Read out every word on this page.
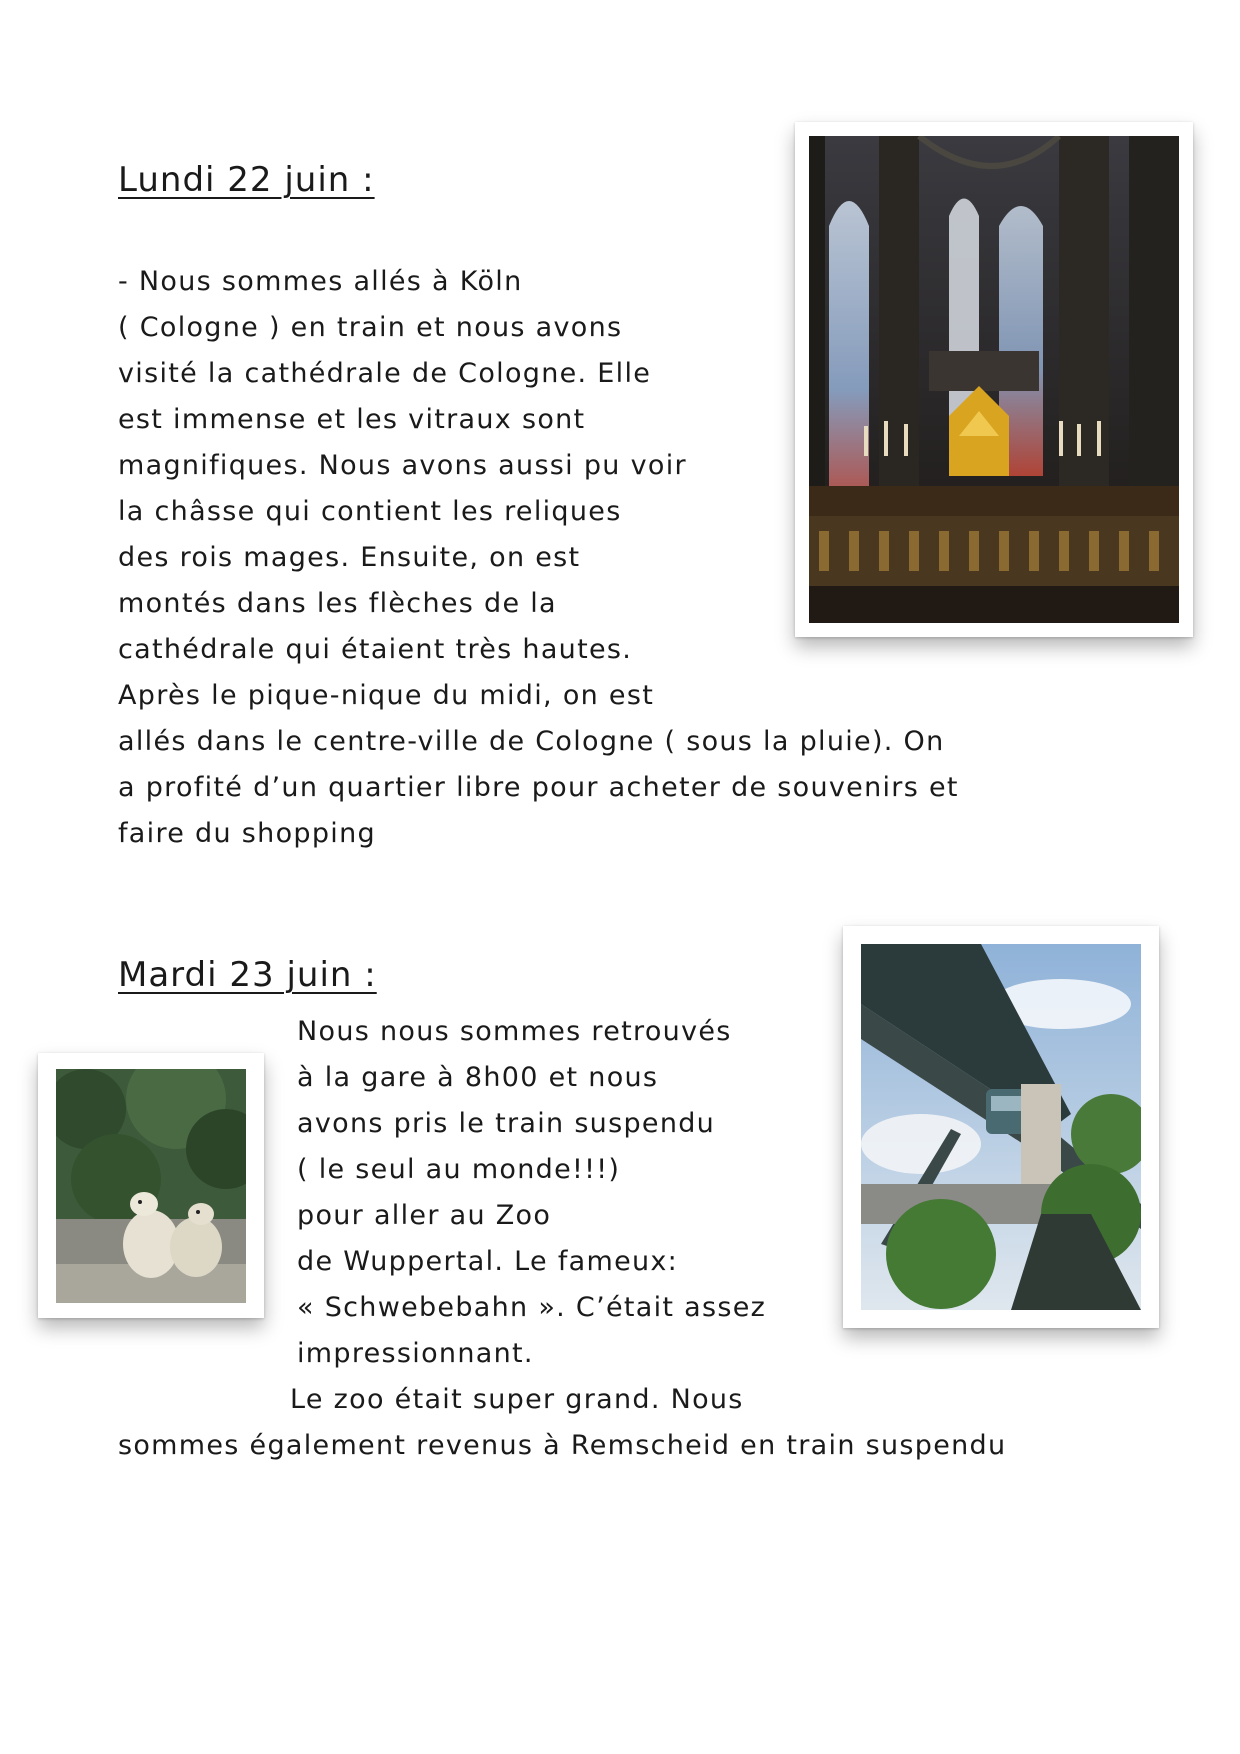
Lundi 22 juin :
- Nous sommes allés à Köln
( Cologne ) en train et nous avons
visité la cathédrale de Cologne. Elle
est immense et les vitraux sont
magnifiques. Nous avons aussi pu voir
la châsse qui contient les reliques
des rois mages. Ensuite, on est
montés dans les flèches de la
cathédrale qui étaient très hautes.
Après le pique-nique du midi, on est
allés dans le centre-ville de Cologne ( sous la pluie). On
a profité d’un quartier libre pour acheter de souvenirs et
faire du shopping
Mardi 23 juin :
Nous nous sommes retrouvés
à la gare à 8h00 et nous
avons pris le train suspendu
( le seul au monde!!!)
pour aller au Zoo
de Wuppertal. Le fameux:
« Schwebebahn ». C’était assez
impressionnant.
Le zoo était super grand. Nous
sommes également revenus à Remscheid en train suspendu
